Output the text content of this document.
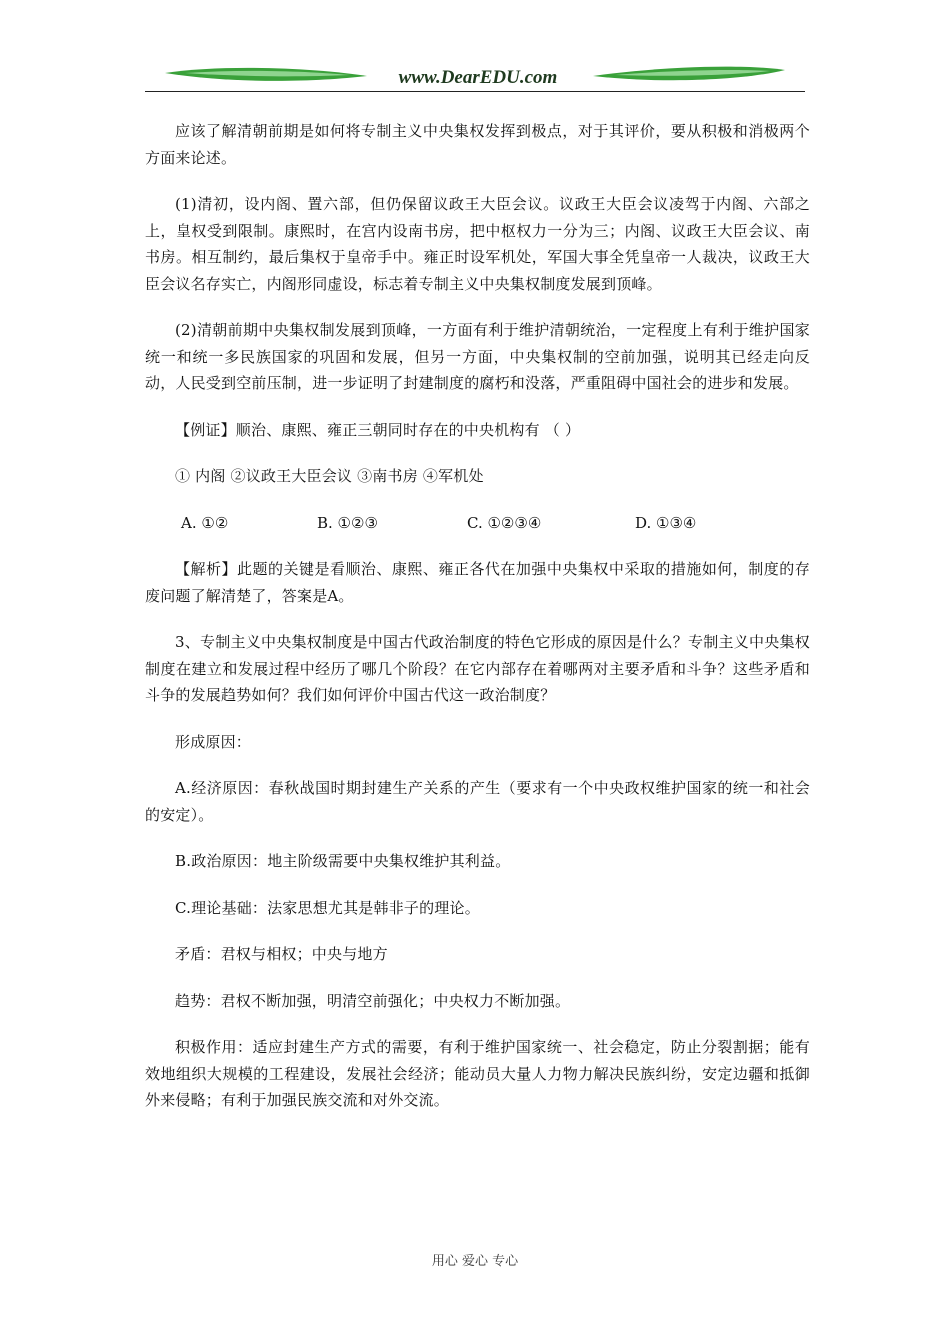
www.DearEDU.com

应该了解清朝前期是如何将专制主义中央集权发挥到极点，对于其评价，要从积极和消极两个方面来论述。

(1)清初，设内阁、置六部，但仍保留议政王大臣会议。议政王大臣会议凌驾于内阁、六部之上，皇权受到限制。康熙时，在宫内设南书房，把中枢权力一分为三；内阁、议政王大臣会议、南书房。相互制约，最后集权于皇帝手中。雍正时设军机处，军国大事全凭皇帝一人裁决，议政王大臣会议名存实亡，内阁形同虚设，标志着专制主义中央集权制度发展到顶峰。

(2)清朝前期中央集权制发展到顶峰，一方面有利于维护清朝统治，一定程度上有利于维护国家统一和统一多民族国家的巩固和发展，但另一方面，中央集权制的空前加强，说明其已经走向反动，人民受到空前压制，进一步证明了封建制度的腐朽和没落，严重阻碍中国社会的进步和发展。

【例证】顺治、康熙、雍正三朝同时存在的中央机构有 （ ）

① 内阁 ②议政王大臣会议 ③南书房 ④军机处

A. ①②	B. ①②③	C. ①②③④	D. ①③④

【解析】此题的关键是看顺治、康熙、雍正各代在加强中央集权中采取的措施如何，制度的存废问题了解清楚了，答案是A。

3、专制主义中央集权制度是中国古代政治制度的特色它形成的原因是什么？专制主义中央集权制度在建立和发展过程中经历了哪几个阶段？在它内部存在着哪两对主要矛盾和斗争？这些矛盾和斗争的发展趋势如何？我们如何评价中国古代这一政治制度？

形成原因：

A.经济原因：春秋战国时期封建生产关系的产生（要求有一个中央政权维护国家的统一和社会的安定）。

B.政治原因：地主阶级需要中央集权维护其利益。

C.理论基础：法家思想尤其是韩非子的理论。

矛盾：君权与相权；中央与地方

趋势：君权不断加强，明清空前强化；中央权力不断加强。

积极作用：适应封建生产方式的需要，有利于维护国家统一、社会稳定，防止分裂割据；能有效地组织大规模的工程建设，发展社会经济；能动员大量人力物力解决民族纠纷，安定边疆和抵御外来侵略；有利于加强民族交流和对外交流。

用心 爱心 专心
